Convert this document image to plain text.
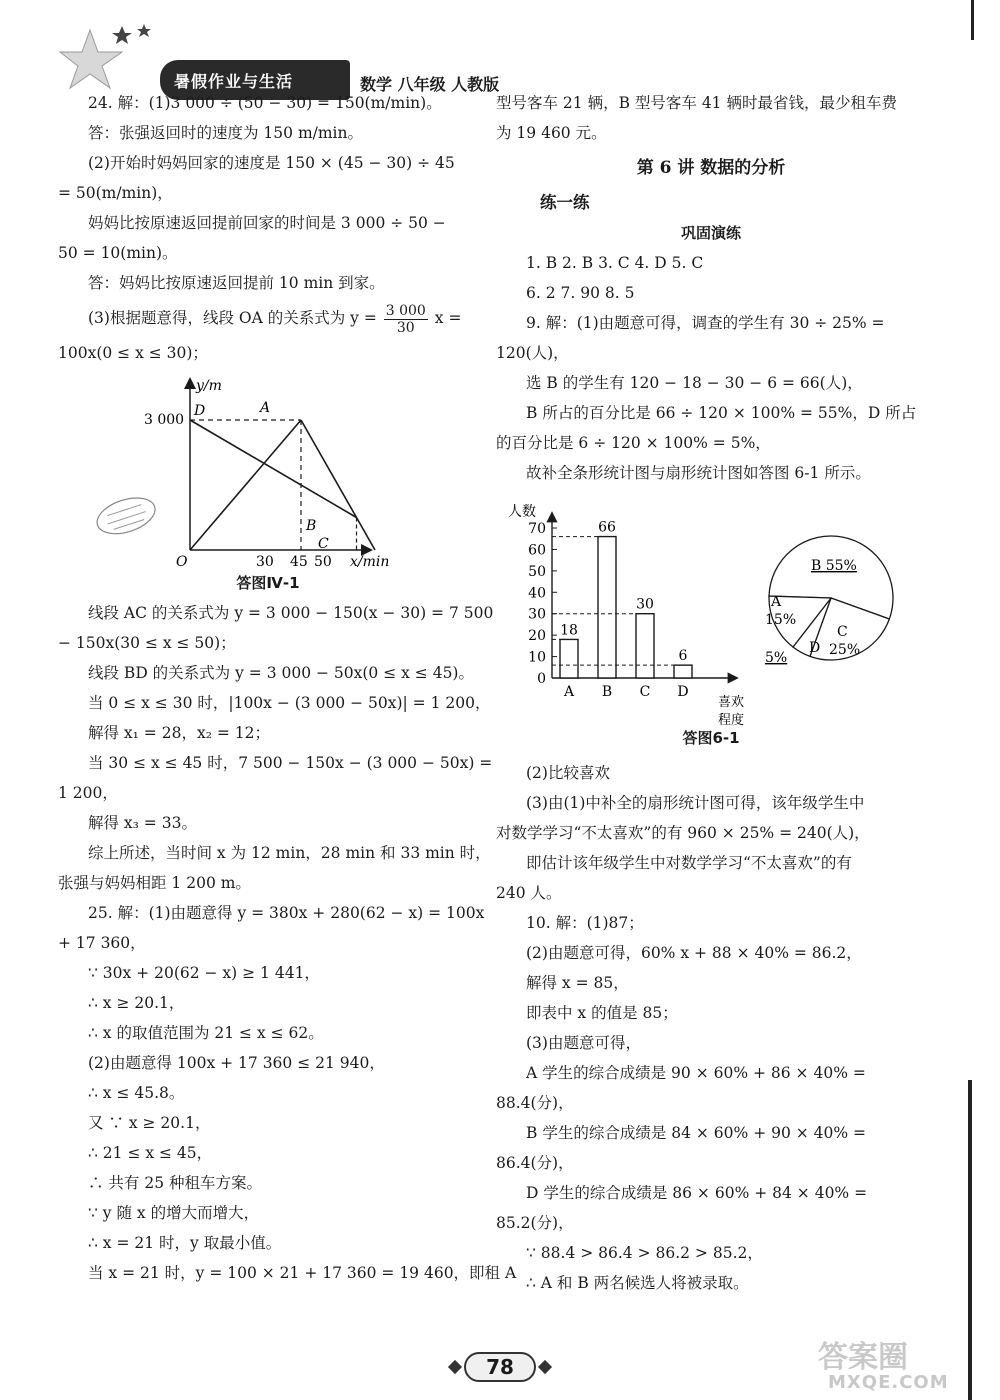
暑假作业与生活	数学 八年级 人教版
24. 解：(1)3 000 ÷ (50 − 30) = 150(m/min)。
答：张强返回时的速度为 150 m/min。
(2)开始时妈妈回家的速度是 150 × (45 − 30) ÷ 45
= 50(m/min)，
妈妈比按原速返回提前回家的时间是 3 000 ÷ 50 −
50 = 10(min)。
答：妈妈比按原速返回提前 10 min 到家。
(3)根据题意得，线段 OA 的关系式为 $y = \frac{3 000}{30}$ x =
100x(0 ≤ x ≤ 30)；
y/m
x/min
3 000
O	30 45 50
D	A
B
C
答图Ⅳ-1
线段 AC 的关系式为 y = 3 000 − 150(x − 30) = 7 500
− 150x(30 ≤ x ≤ 50)；
线段 BD 的关系式为 y = 3 000 − 50x(0 ≤ x ≤ 45)。
当 0 ≤ x ≤ 30 时，|100x − (3 000 − 50x)| = 1 200，
解得 x₁ = 28，x₂ = 12；
当 30 ≤ x ≤ 45 时，7 500 − 150x − (3 000 − 50x) =
1 200，
解得 x₃ = 33。
综上所述，当时间 x 为 12 min，28 min 和 33 min 时，
张强与妈妈相距 1 200 m。
25. 解：(1)由题意得 y = 380x + 280(62 − x) = 100x
+ 17 360，
∵ 30x + 20(62 − x) ≥ 1 441，
∴ x ≥ 20.1，
∴ x 的取值范围为 21 ≤ x ≤ 62。
(2)由题意得 100x + 17 360 ≤ 21 940，
∴ x ≤ 45.8。
又 ∵ x ≥ 20.1，
∴ 21 ≤ x ≤ 45，
∴ 共有 25 种租车方案。
∵ y 随 x 的增大而增大，
∴ x = 21 时，y 取最小值。
当 x = 21 时，y = 100 × 21 + 17 360 = 19 460，即租 A
型号客车 21 辆，B 型号客车 41 辆时最省钱，最少租车费
为 19 460 元。
第 6 讲 数据的分析
练一练
巩固演练
1. B 2. B 3. C 4. D 5. C
6. 2 7. 90 8. 5
9. 解：(1)由题意可得，调查的学生有 30 ÷ 25% =
120(人)，
选 B 的学生有 120 − 18 − 30 − 6 = 66(人)，
B 所占的百分比是 66 ÷ 120 × 100% = 55%，D 所占
的百分比是 6 ÷ 120 × 100% = 5%，
故补全条形统计图与扇形统计图如答图 6-1 所示。
人数
0
10
20
30
40
50
60
70
18
A
66
B
30
C
6
D
喜欢
程度
B 55%
A
15%
C
25%
D
5%
答图6-1
(2)比较喜欢
(3)由(1)中补全的扇形统计图可得，该年级学生中
对数学学习“不太喜欢”的有 960 × 25% = 240(人)，
即估计该年级学生中对数学学习“不太喜欢”的有
240 人。
10. 解：(1)87；
(2)由题意可得，60% x + 88 × 40% = 86.2，
解得 x = 85，
即表中 x 的值是 85；
(3)由题意可得，
A 学生的综合成绩是 90 × 60% + 86 × 40% =
88.4(分)，
B 学生的综合成绩是 84 × 60% + 90 × 40% =
86.4(分)，
D 学生的综合成绩是 86 × 60% + 84 × 40% =
85.2(分)，
∵ 88.4 > 86.4 > 86.2 > 85.2，
∴ A 和 B 两名候选人将被录取。
78	答案圈
MXQE.COM
